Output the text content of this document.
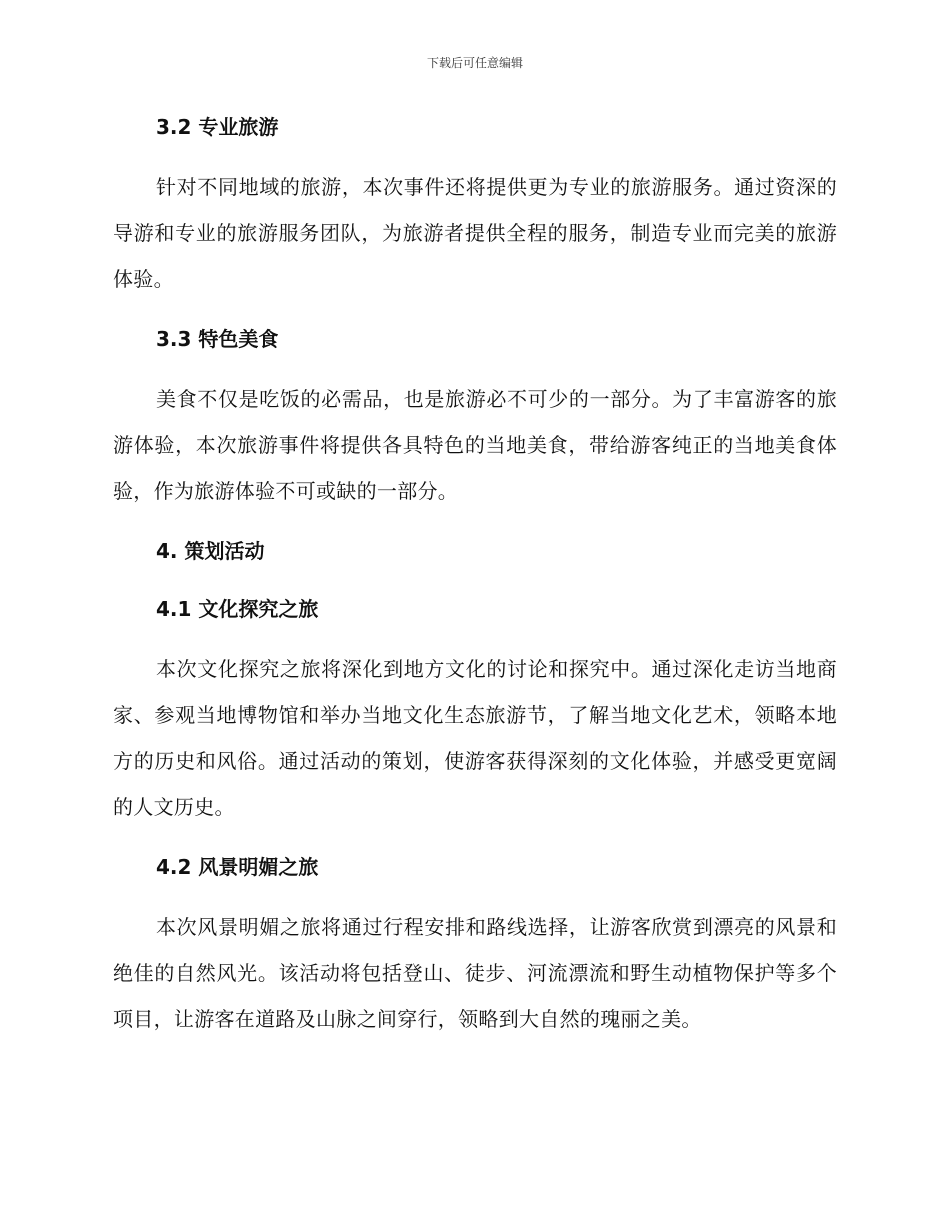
下载后可任意编辑
3.2 专业旅游

针对不同地域的旅游，本次事件还将提供更为专业的旅游服务。通过资深的导游和专业的旅游服务团队，为旅游者提供全程的服务，制造专业而完美的旅游体验。

3.3 特色美食

美食不仅是吃饭的必需品，也是旅游必不可少的一部分。为了丰富游客的旅游体验，本次旅游事件将提供各具特色的当地美食，带给游客纯正的当地美食体验，作为旅游体验不可或缺的一部分。

4. 策划活动
4.1 文化探究之旅

本次文化探究之旅将深化到地方文化的讨论和探究中。通过深化走访当地商家、参观当地博物馆和举办当地文化生态旅游节，了解当地文化艺术，领略本地方的历史和风俗。通过活动的策划，使游客获得深刻的文化体验，并感受更宽阔的人文历史。

4.2 风景明媚之旅

本次风景明媚之旅将通过行程安排和路线选择，让游客欣赏到漂亮的风景和绝佳的自然风光。该活动将包括登山、徒步、河流漂流和野生动植物保护等多个项目，让游客在道路及山脉之间穿行，领略到大自然的瑰丽之美。
